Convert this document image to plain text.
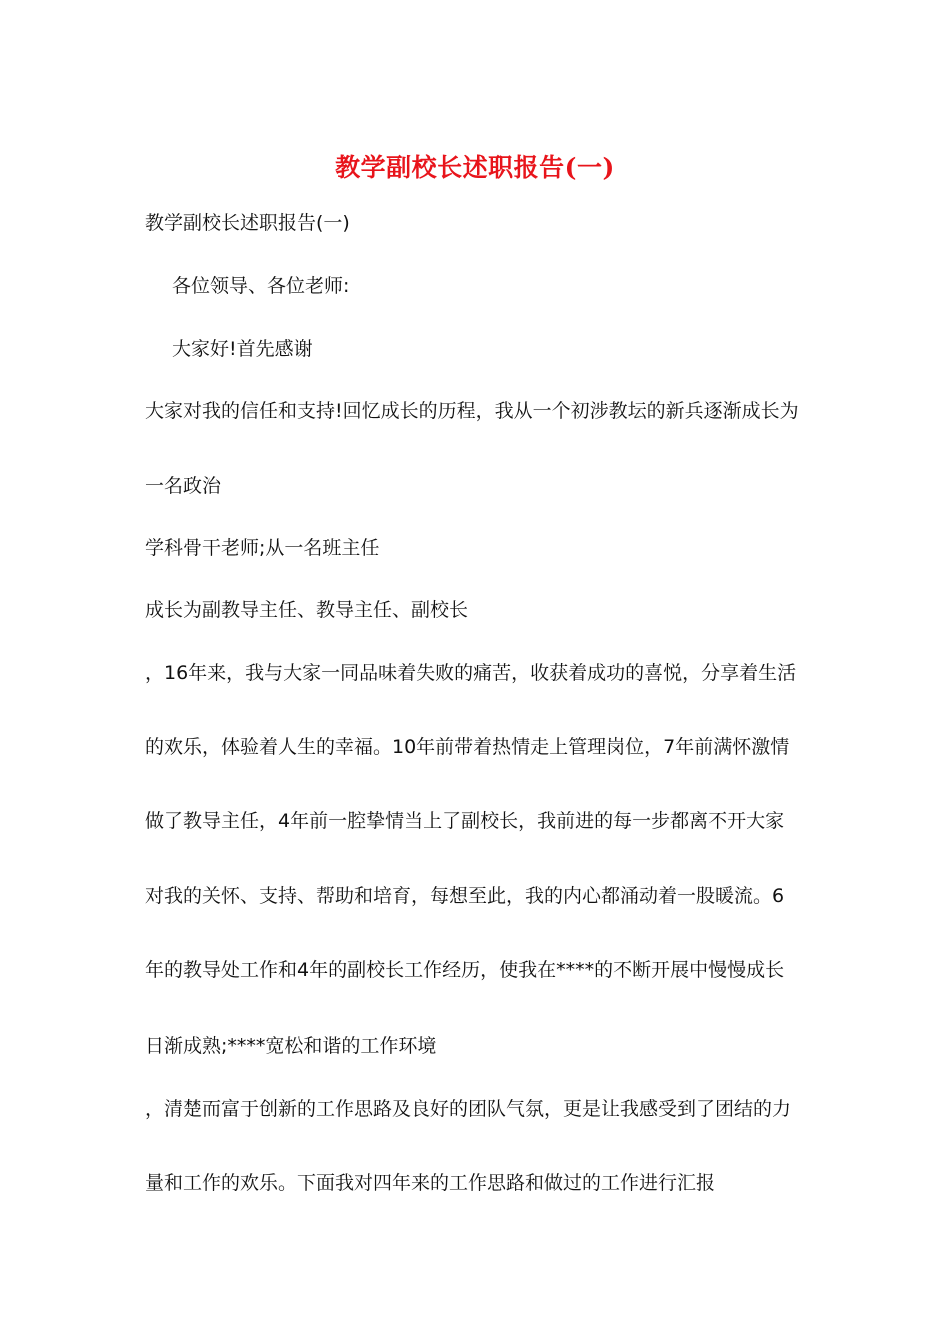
教学副校长述职报告(一)
教学副校长述职报告(一)
各位领导、各位老师:
大家好!首先感谢
大家对我的信任和支持!回忆成长的历程，我从一个初涉教坛的新兵逐渐成长为
一名政治
学科骨干老师;从一名班主任
成长为副教导主任、教导主任、副校长
，16年来，我与大家一同品味着失败的痛苦，收获着成功的喜悦，分享着生活
的欢乐，体验着人生的幸福。10年前带着热情走上管理岗位，7年前满怀激情
做了教导主任，4年前一腔挚情当上了副校长，我前进的每一步都离不开大家
对我的关怀、支持、帮助和培育，每想至此，我的内心都涌动着一股暖流。6
年的教导处工作和4年的副校长工作经历，使我在****的不断开展中慢慢成长
日渐成熟;****宽松和谐的工作环境
，清楚而富于创新的工作思路及良好的团队气氛，更是让我感受到了团结的力
量和工作的欢乐。下面我对四年来的工作思路和做过的工作进行汇报
